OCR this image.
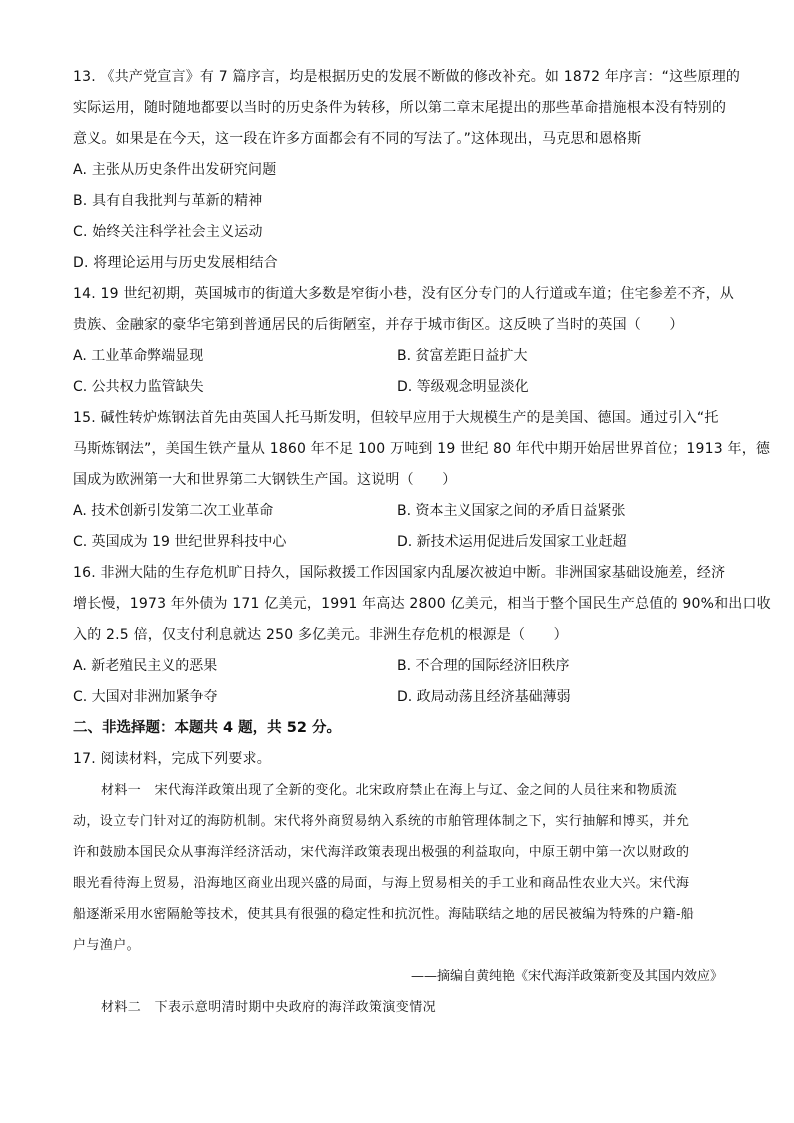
13. 《共产党宣言》有 7 篇序言，均是根据历史的发展不断做的修改补充。如 1872 年序言：“这些原理的
实际运用，随时随地都要以当时的历史条件为转移，所以第二章末尾提出的那些革命措施根本没有特别的
意义。如果是在今天，这一段在许多方面都会有不同的写法了。”这体现出，马克思和恩格斯
A. 主张从历史条件出发研究问题
B. 具有自我批判与革新的精神
C. 始终关注科学社会主义运动
D. 将理论运用与历史发展相结合
14. 19 世纪初期，英国城市的街道大多数是窄街小巷，没有区分专门的人行道或车道；住宅参差不齐，从
贵族、金融家的豪华宅第到普通居民的后街陋室，并存于城市街区。这反映了当时的英国（　　）
A. 工业革命弊端显现	B. 贫富差距日益扩大
C. 公共权力监管缺失	D. 等级观念明显淡化
15. 碱性转炉炼钢法首先由英国人托马斯发明，但较早应用于大规模生产的是美国、德国。通过引入“托
马斯炼钢法”，美国生铁产量从 1860 年不足 100 万吨到 19 世纪 80 年代中期开始居世界首位；1913 年，德
国成为欧洲第一大和世界第二大钢铁生产国。这说明（　　）
A. 技术创新引发第二次工业革命	B. 资本主义国家之间的矛盾日益紧张
C. 英国成为 19 世纪世界科技中心	D. 新技术运用促进后发国家工业赶超
16. 非洲大陆的生存危机旷日持久，国际救援工作因国家内乱屡次被迫中断。非洲国家基础设施差，经济
增长慢，1973 年外债为 171 亿美元，1991 年高达 2800 亿美元，相当于整个国民生产总值的 90%和出口收
入的 2.5 倍，仅支付利息就达 250 多亿美元。非洲生存危机的根源是（　　）
A. 新老殖民主义的恶果	B. 不合理的国际经济旧秩序
C. 大国对非洲加紧争夺	D. 政局动荡且经济基础薄弱
二、非选择题：本题共 4 题，共 52 分。
17. 阅读材料，完成下列要求。
材料一　宋代海洋政策出现了全新的变化。北宋政府禁止在海上与辽、金之间的人员往来和物质流
动，设立专门针对辽的海防机制。宋代将外商贸易纳入系统的市舶管理体制之下，实行抽解和博买，并允
许和鼓励本国民众从事海洋经济活动，宋代海洋政策表现出极强的利益取向，中原王朝中第一次以财政的
眼光看待海上贸易，沿海地区商业出现兴盛的局面，与海上贸易相关的手工业和商品性农业大兴。宋代海
船逐渐采用水密隔舱等技术，使其具有很强的稳定性和抗沉性。海陆联结之地的居民被编为特殊的户籍-船
户与渔户。
——摘编自黄纯艳《宋代海洋政策新变及其国内效应》
材料二　下表示意明清时期中央政府的海洋政策演变情况
